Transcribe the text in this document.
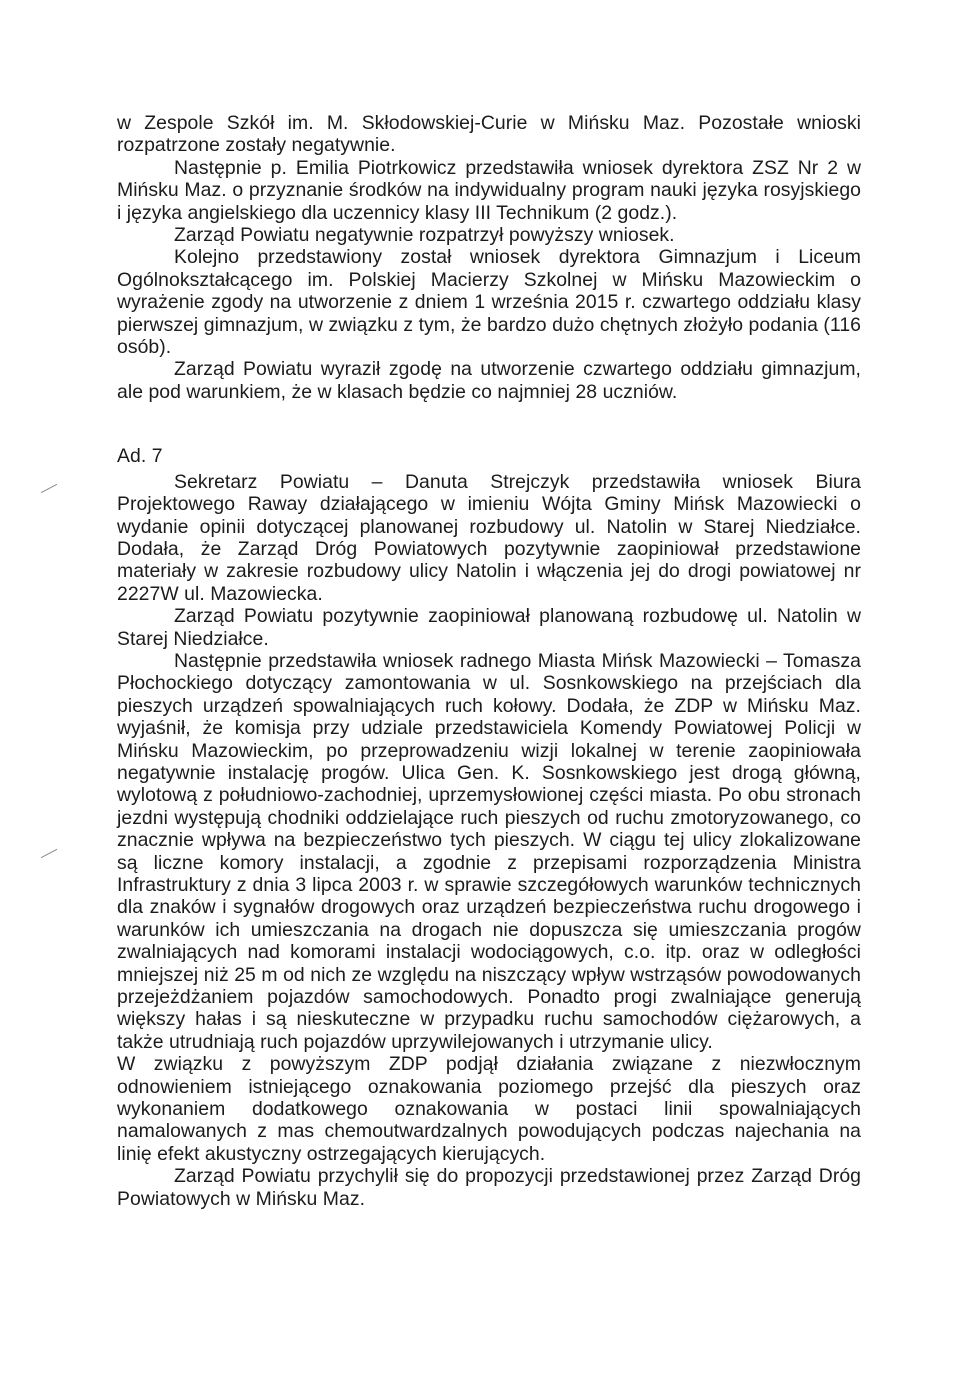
w Zespole Szkół im. M. Skłodowskiej-Curie w Mińsku Maz. Pozostałe wnioski rozpatrzone zostały negatywnie.

Następnie p. Emilia Piotrkowicz przedstawiła wniosek dyrektora ZSZ Nr 2 w Mińsku Maz. o przyznanie środków na indywidualny program nauki języka rosyjskiego i języka angielskiego dla uczennicy klasy III Technikum (2 godz.).

Zarząd Powiatu negatywnie rozpatrzył powyższy wniosek.

Kolejno przedstawiony został wniosek dyrektora Gimnazjum i Liceum Ogólnokształcącego im. Polskiej Macierzy Szkolnej w Mińsku Mazowieckim o wyrażenie zgody na utworzenie z dniem 1 września 2015 r. czwartego oddziału klasy pierwszej gimnazjum, w związku z tym, że bardzo dużo chętnych złożyło podania (116 osób).

Zarząd Powiatu wyraził zgodę na utworzenie czwartego oddziału gimnazjum, ale pod warunkiem, że w klasach będzie co najmniej 28 uczniów.

Ad. 7

Sekretarz Powiatu – Danuta Strejczyk przedstawiła wniosek Biura Projektowego Raway działającego w imieniu Wójta Gminy Mińsk Mazowiecki o wydanie opinii dotyczącej planowanej rozbudowy ul. Natolin w Starej Niedziałce. Dodała, że Zarząd Dróg Powiatowych pozytywnie zaopiniował przedstawione materiały w zakresie rozbudowy ulicy Natolin i włączenia jej do drogi powiatowej nr 2227W ul. Mazowiecka.

Zarząd Powiatu pozytywnie zaopiniował planowaną rozbudowę ul. Natolin w Starej Niedziałce.

Następnie przedstawiła wniosek radnego Miasta Mińsk Mazowiecki – Tomasza Płochockiego dotyczący zamontowania w ul. Sosnkowskiego na przejściach dla pieszych urządzeń spowalniających ruch kołowy. Dodała, że ZDP w Mińsku Maz. wyjaśnił, że komisja przy udziale przedstawiciela Komendy Powiatowej Policji w Mińsku Mazowieckim, po przeprowadzeniu wizji lokalnej w terenie zaopiniowała negatywnie instalację progów. Ulica Gen. K. Sosnkowskiego jest drogą główną, wylotową z południowo-zachodniej, uprzemysłowionej części miasta. Po obu stronach jezdni występują chodniki oddzielające ruch pieszych od ruchu zmotoryzowanego, co znacznie wpływa na bezpieczeństwo tych pieszych. W ciągu tej ulicy zlokalizowane są liczne komory instalacji, a zgodnie z przepisami rozporządzenia Ministra Infrastruktury z dnia 3 lipca 2003 r. w sprawie szczegółowych warunków technicznych dla znaków i sygnałów drogowych oraz urządzeń bezpieczeństwa ruchu drogowego i warunków ich umieszczania na drogach nie dopuszcza się umieszczania progów zwalniających nad komorami instalacji wodociągowych, c.o. itp. oraz w odległości mniejszej niż 25 m od nich ze względu na niszczący wpływ wstrząsów powodowanych przejeżdżaniem pojazdów samochodowych. Ponadto progi zwalniające generują większy hałas i są nieskuteczne w przypadku ruchu samochodów ciężarowych, a także utrudniają ruch pojazdów uprzywilejowanych i utrzymanie ulicy.

W związku z powyższym ZDP podjął działania związane z niezwłocznym odnowieniem istniejącego oznakowania poziomego przejść dla pieszych oraz wykonaniem dodatkowego oznakowania w postaci linii spowalniających namalowanych z mas chemoutwardzalnych powodujących podczas najechania na linię efekt akustyczny ostrzegających kierujących.

Zarząd Powiatu przychylił się do propozycji przedstawionej przez Zarząd Dróg Powiatowych w Mińsku Maz.
